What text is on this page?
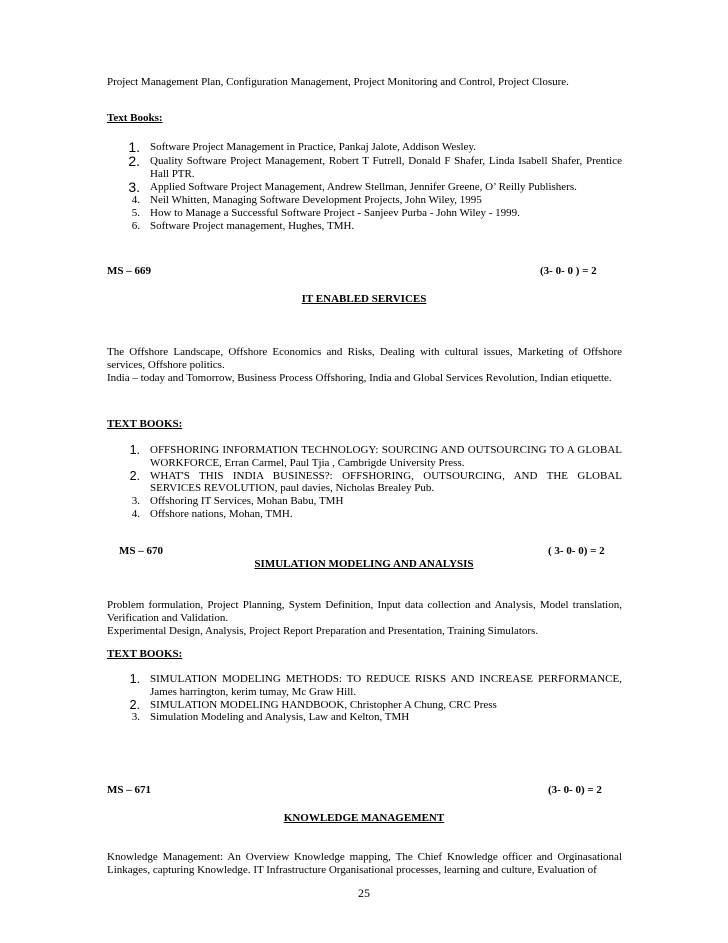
Project Management Plan, Configuration Management, Project Monitoring and Control, Project Closure.
Text Books:
1. Software Project Management in Practice, Pankaj Jalote, Addison Wesley.
2. Quality Software Project Management, Robert T Futrell, Donald F Shafer, Linda Isabell Shafer, Prentice Hall PTR.
3. Applied Software Project Management, Andrew Stellman, Jennifer Greene, O’ Reilly Publishers.
4. Neil Whitten, Managing Software Development Projects, John Wiley, 1995
5. How to Manage a Successful Software Project - Sanjeev Purba - John Wiley - 1999.
6. Software Project management, Hughes, TMH.
MS – 669	(3- 0- 0 ) = 2
IT ENABLED SERVICES

The Offshore Landscape, Offshore Economics and Risks, Dealing with cultural issues, Marketing of Offshore services, Offshore politics.

India – today and Tomorrow, Business Process Offshoring, India and Global Services Revolution, Indian etiquette.

TEXT BOOKS:
1. OFFSHORING INFORMATION TECHNOLOGY: SOURCING AND OUTSOURCING TO A GLOBAL WORKFORCE, Erran Carmel, Paul Tjia , Cambrigde University Press.
2. WHAT'S THIS INDIA BUSINESS?: OFFSHORING, OUTSOURCING, AND THE GLOBAL SERVICES REVOLUTION, paul davies, Nicholas Brealey Pub.
3. Offshoring IT Services, Mohan Babu, TMH
4. Offshore nations, Mohan, TMH.
MS – 670	( 3- 0- 0) = 2
SIMULATION MODELING AND ANALYSIS

Problem formulation, Project Planning, System Definition, Input data collection and Analysis, Model translation, Verification and Validation.

Experimental Design, Analysis, Project Report Preparation and Presentation, Training Simulators.

TEXT BOOKS:
1. SIMULATION MODELING METHODS: TO REDUCE RISKS AND INCREASE PERFORMANCE, James harrington, kerim tumay, Mc Graw Hill.
2. SIMULATION MODELING HANDBOOK, Christopher A Chung, CRC Press
3. Simulation Modeling and Analysis, Law and Kelton, TMH
MS – 671	(3- 0- 0) = 2
KNOWLEDGE MANAGEMENT
Knowledge Management: An Overview Knowledge mapping, The Chief Knowledge officer and Orginasational Linkages, capturing Knowledge. IT Infrastructure Organisational processes, learning and culture, Evaluation of
25
